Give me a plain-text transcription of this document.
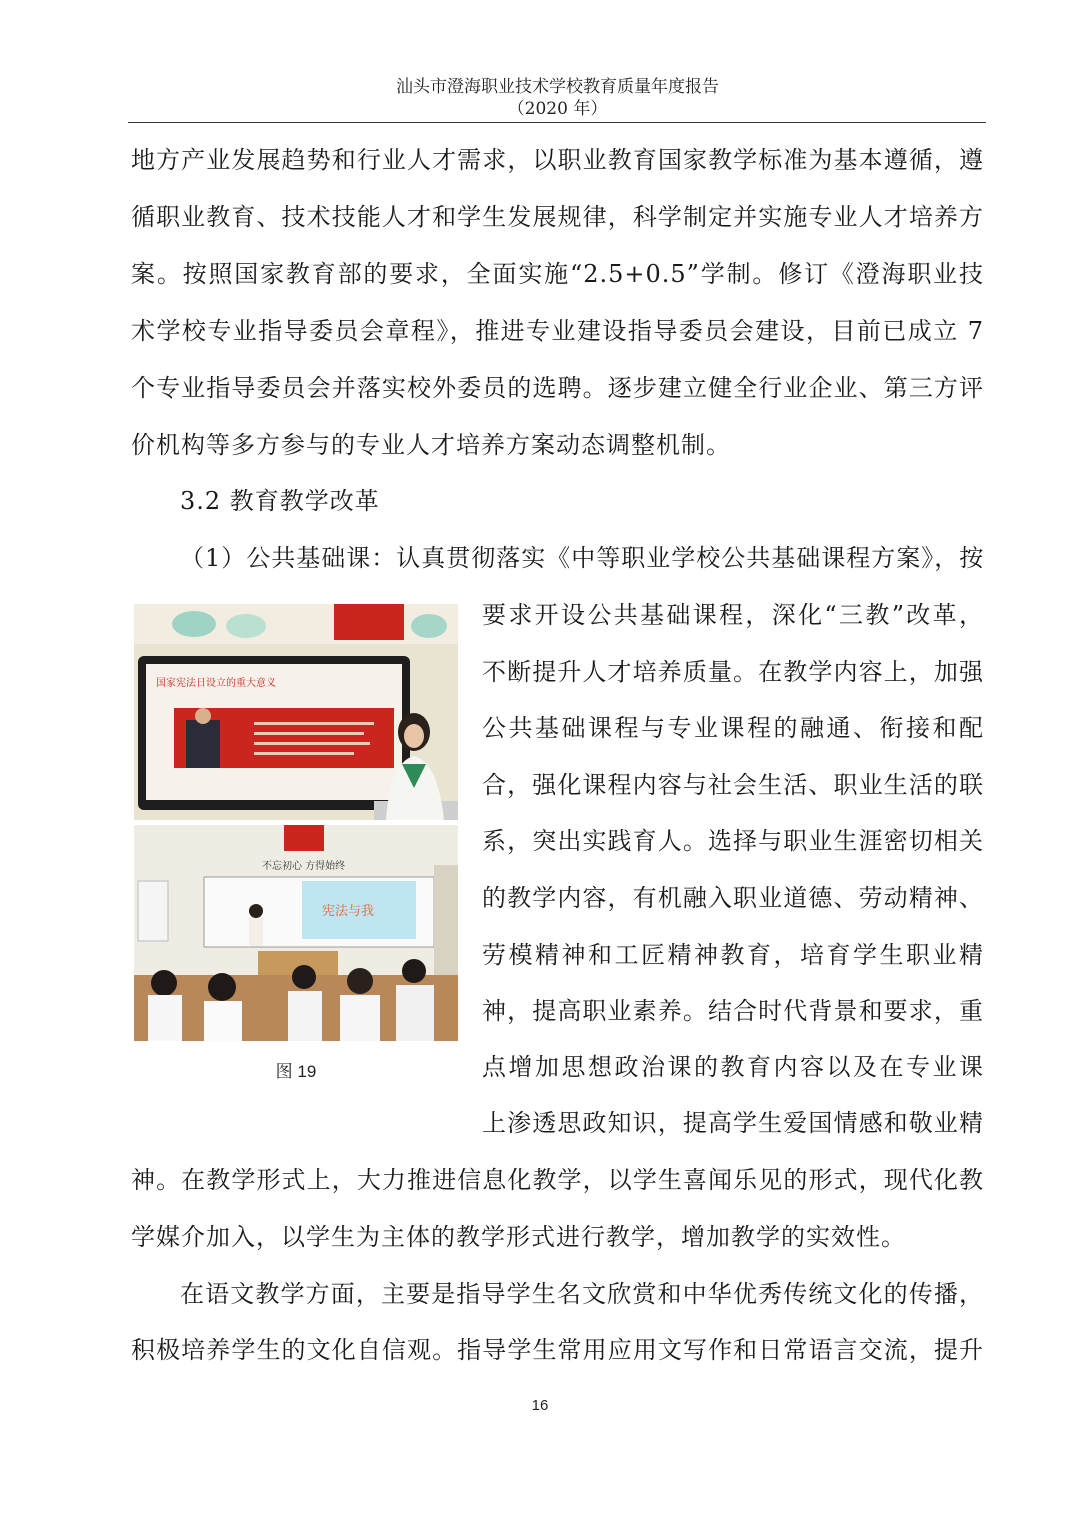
汕头市澄海职业技术学校教育质量年度报告
（2020 年）
地方产业发展趋势和行业人才需求，以职业教育国家教学标准为基本遵循，遵
循职业教育、技术技能人才和学生发展规律，科学制定并实施专业人才培养方
案。按照国家教育部的要求，全面实施“2.5+0.5”学制。修订《澄海职业技
术学校专业指导委员会章程》，推进专业建设指导委员会建设，目前已成立 7
个专业指导委员会并落实校外委员的选聘。逐步建立健全行业企业、第三方评
价机构等多方参与的专业人才培养方案动态调整机制。
3.2 教育教学改革
（1）公共基础课：认真贯彻落实《中等职业学校公共基础课程方案》，按
要求开设公共基础课程，深化“三教”改革，
不断提升人才培养质量。在教学内容上，加强
公共基础课程与专业课程的融通、衔接和配
合，强化课程内容与社会生活、职业生活的联
系，突出实践育人。选择与职业生涯密切相关
的教学内容，有机融入职业道德、劳动精神、
劳模精神和工匠精神教育，培育学生职业精
神，提高职业素养。结合时代背景和要求，重
点增加思想政治课的教育内容以及在专业课
上渗透思政知识，提高学生爱国情感和敬业精
神。在教学形式上，大力推进信息化教学，以学生喜闻乐见的形式，现代化教
学媒介加入，以学生为主体的教学形式进行教学，增加教学的实效性。
在语文教学方面，主要是指导学生名文欣赏和中华优秀传统文化的传播，
积极培养学生的文化自信观。指导学生常用应用文写作和日常语言交流，提升
国家宪法日设立的重大意义
不忘初心 方得始终
宪法与我
图 19
16
